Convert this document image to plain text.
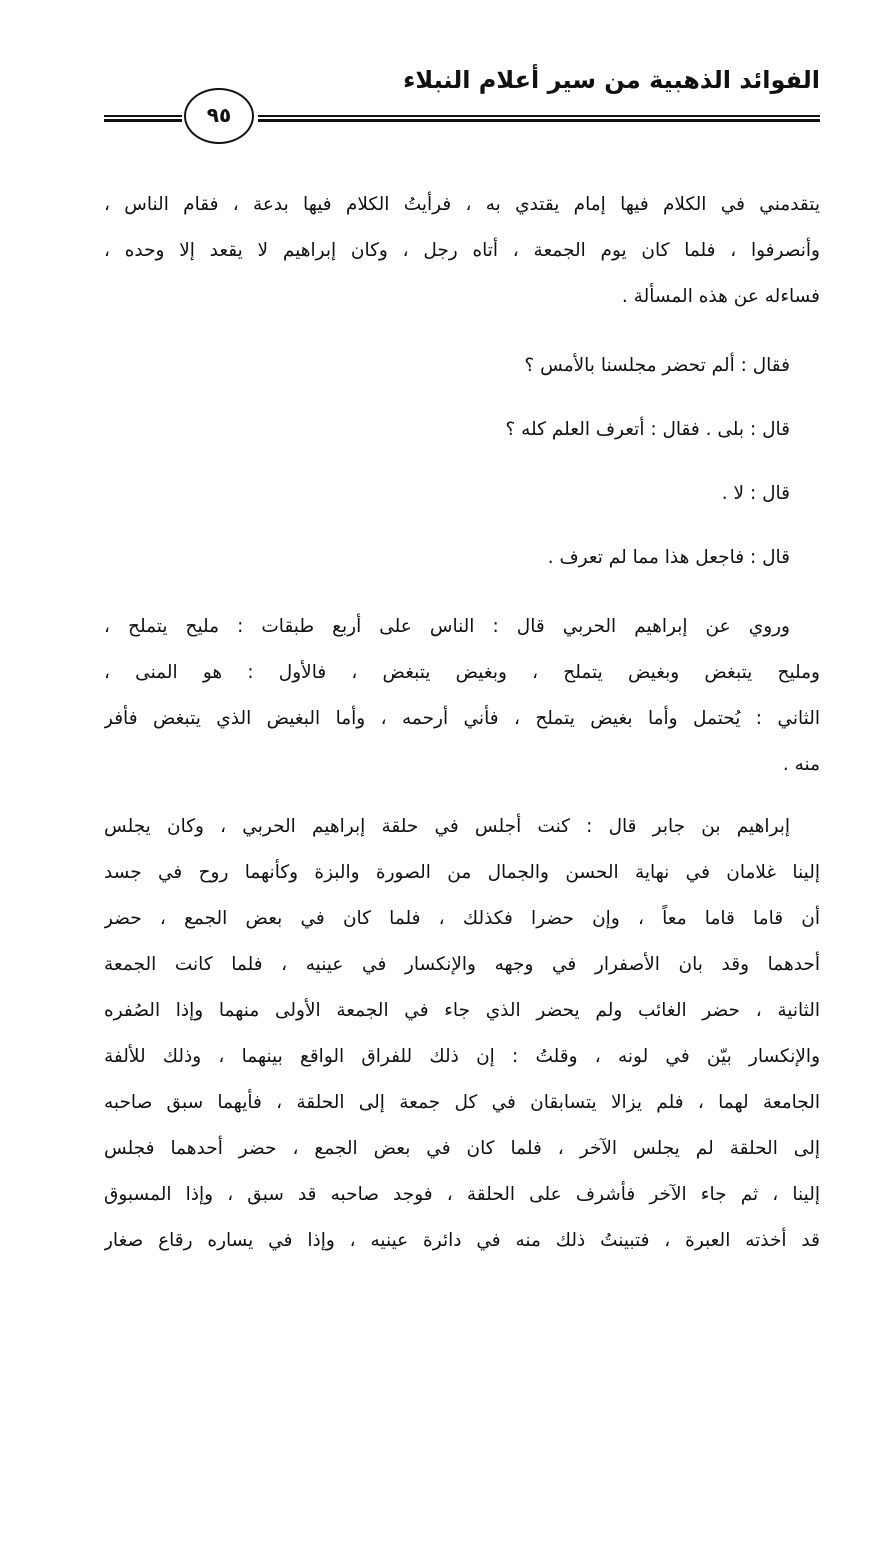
الفوائد الذهبية من سير أعلام النبلاء
٩٥
يتقدمني في الكلام فيها إمام يقتدي به ، فرأيتُ الكلام فيها بدعة ، فقام الناس ،
وأنصرفوا ، فلما كان يوم الجمعة ، أتاه رجل ، وكان إبراهيم لا يقعد إلا وحده ،
فساءله عن هذه المسألة .
فقال : ألم تحضر مجلسنا بالأمس ؟
قال : بلى . فقال : أتعرف العلم كله ؟
قال : لا .
قال : فاجعل هذا مما لم تعرف .
وروي عن إبراهيم الحربي قال : الناس على أربع طبقات : مليح يتملح ،
ومليح يتبغض وبغيض يتملح ، وبغيض يتبغض ، فالأول : هو المنى ،
الثاني : يُحتمل وأما بغيض يتملح ، فأني أرحمه ، وأما البغيض الذي يتبغض فأفر
منه .
إبراهيم بن جابر قال : كنت أجلس في حلقة إبراهيم الحربي ، وكان يجلس
إلينا غلامان في نهاية الحسن والجمال من الصورة والبزة وكأنهما روح في جسد
أن قاما قاما معاً ، وإن حضرا فكذلك ، فلما كان في بعض الجمع ، حضر
أحدهما وقد بان الأصفرار في وجهه والإنكسار في عينيه ، فلما كانت الجمعة
الثانية ، حضر الغائب ولم يحضر الذي جاء في الجمعة الأولى منهما وإذا الصُفره
والإنكسار بيّن في لونه ، وقلتُ : إن ذلك للفراق الواقع بينهما ، وذلك للألفة
الجامعة لهما ، فلم يزالا يتسابقان في كل جمعة إلى الحلقة ، فأيهما سبق صاحبه
إلى الحلقة لم يجلس الآخر ، فلما كان في بعض الجمع ، حضر أحدهما فجلس
إلينا ، ثم جاء الآخر فأشرف على الحلقة ، فوجد صاحبه قد سبق ، وإذا المسبوق
قد أخذته العبرة ، فتبينتُ ذلك منه في دائرة عينيه ، وإذا في يساره رقاع صغار
